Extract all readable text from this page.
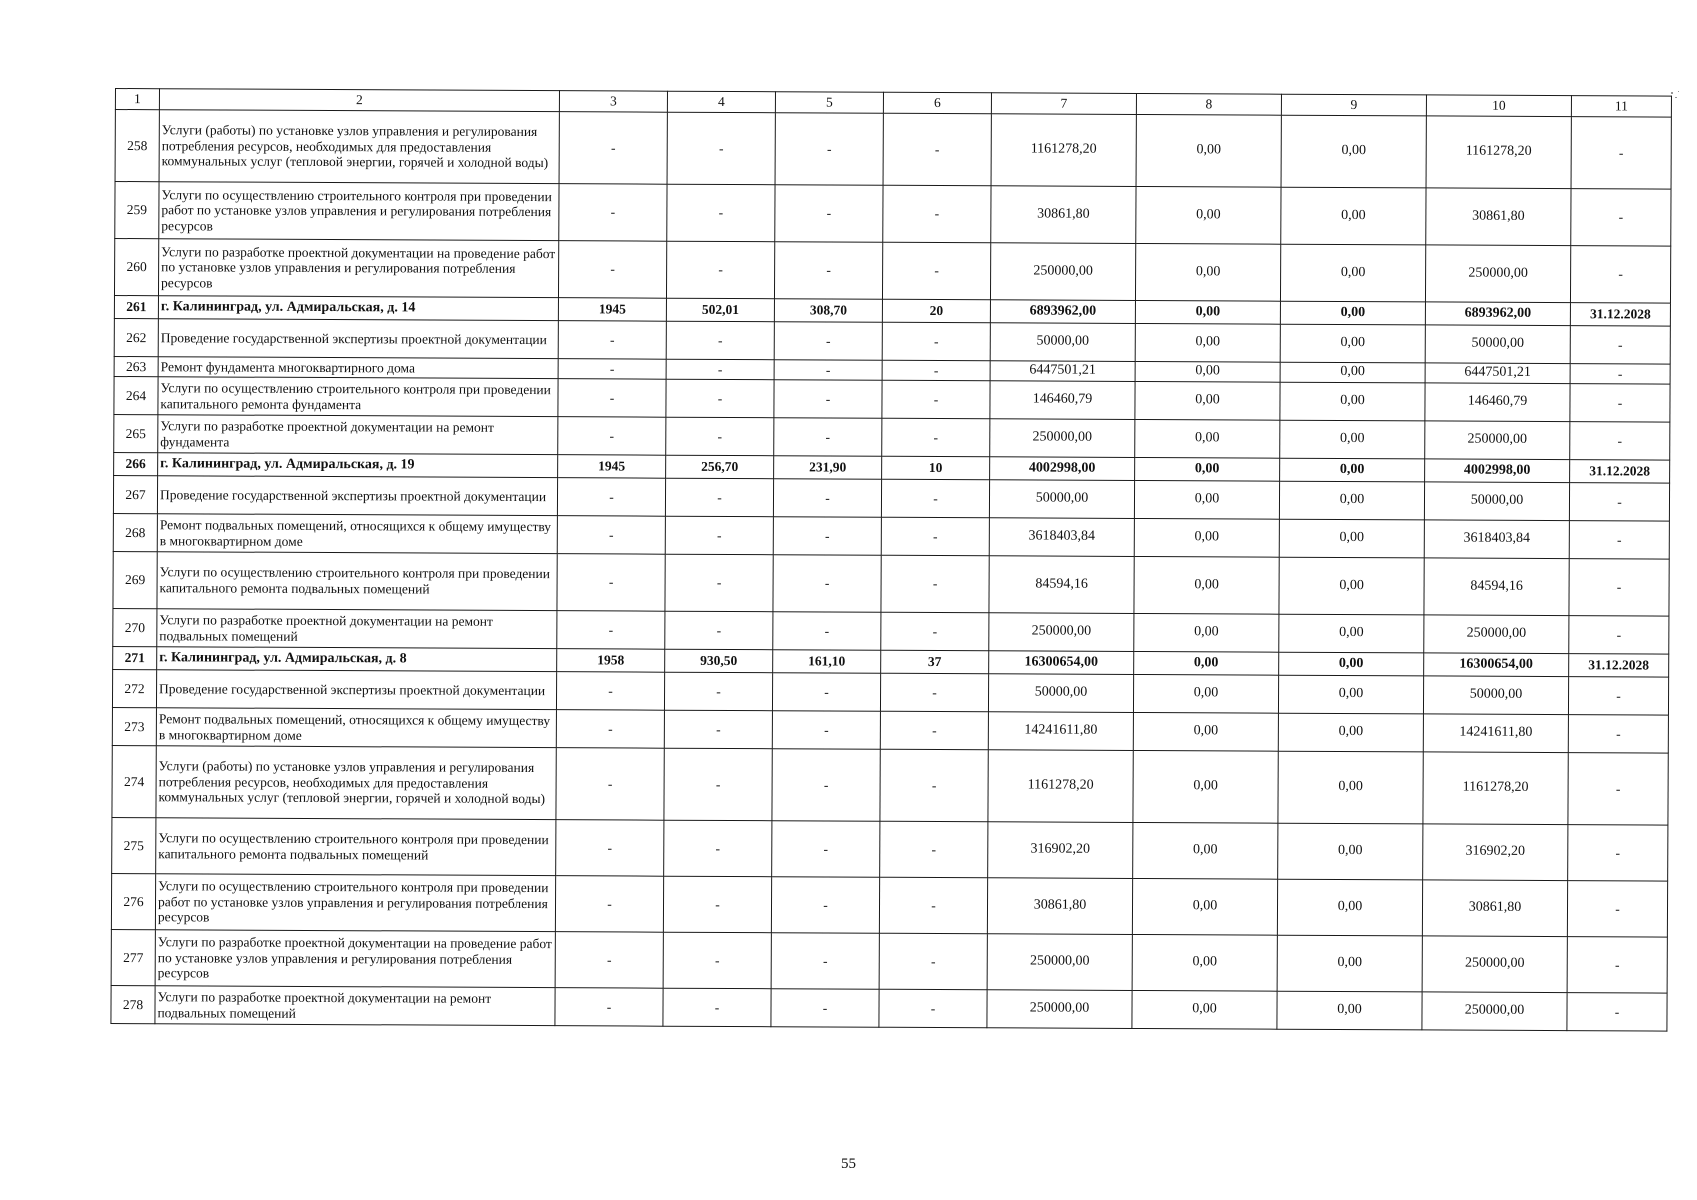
1	2	3	4	5	6	7	8	9	10	11
258	Услуги (работы) по установке узлов управления и регулирования потребления ресурсов, необходимых для предоставления коммунальных услуг (тепловой энергии, горячей и холодной воды)	-	-	-	-	1161278,20	0,00	0,00	1161278,20	-
259	Услуги по осуществлению строительного контроля при проведении работ по установке узлов управления и регулирования потребления ресурсов	-	-	-	-	30861,80	0,00	0,00	30861,80	-
260	Услуги по разработке проектной документации на проведение работ по установке узлов управления и регулирования потребления ресурсов	-	-	-	-	250000,00	0,00	0,00	250000,00	-
261	г. Калининград, ул. Адмиральская, д. 14	1945	502,01	308,70	20	6893962,00	0,00	0,00	6893962,00	31.12.2028
262	Проведение государственной экспертизы проектной документации	-	-	-	-	50000,00	0,00	0,00	50000,00	-
263	Ремонт фундамента многоквартирного дома	-	-	-	-	6447501,21	0,00	0,00	6447501,21	-
264	Услуги по осуществлению строительного контроля при проведении капитального ремонта фундамента	-	-	-	-	146460,79	0,00	0,00	146460,79	-
265	Услуги по разработке проектной документации на ремонт фундамента	-	-	-	-	250000,00	0,00	0,00	250000,00	-
266	г. Калининград, ул. Адмиральская, д. 19	1945	256,70	231,90	10	4002998,00	0,00	0,00	4002998,00	31.12.2028
267	Проведение государственной экспертизы проектной документации	-	-	-	-	50000,00	0,00	0,00	50000,00	-
268	Ремонт подвальных помещений, относящихся к общему имуществу в многоквартирном доме	-	-	-	-	3618403,84	0,00	0,00	3618403,84	-
269	Услуги по осуществлению строительного контроля при проведении капитального ремонта подвальных помещений	-	-	-	-	84594,16	0,00	0,00	84594,16	-
270	Услуги по разработке проектной документации на ремонт подвальных помещений	-	-	-	-	250000,00	0,00	0,00	250000,00	-
271	г. Калининград, ул. Адмиральская, д. 8	1958	930,50	161,10	37	16300654,00	0,00	0,00	16300654,00	31.12.2028
272	Проведение государственной экспертизы проектной документации	-	-	-	-	50000,00	0,00	0,00	50000,00	-
273	Ремонт подвальных помещений, относящихся к общему имуществу в многоквартирном доме	-	-	-	-	14241611,80	0,00	0,00	14241611,80	-
274	Услуги (работы) по установке узлов управления и регулирования потребления ресурсов, необходимых для предоставления коммунальных услуг (тепловой энергии, горячей и холодной воды)	-	-	-	-	1161278,20	0,00	0,00	1161278,20	-
275	Услуги по осуществлению строительного контроля при проведении капитального ремонта подвальных помещений	-	-	-	-	316902,20	0,00	0,00	316902,20	-
276	Услуги по осуществлению строительного контроля при проведении работ по установке узлов управления и регулирования потребления ресурсов	-	-	-	-	30861,80	0,00	0,00	30861,80	-
277	Услуги по разработке проектной документации на проведение работ по установке узлов управления и регулирования потребления ресурсов	-	-	-	-	250000,00	0,00	0,00	250000,00	-
278	Услуги по разработке проектной документации на ремонт подвальных помещений	-	-	-	-	250000,00	0,00	0,00	250000,00	-
55
